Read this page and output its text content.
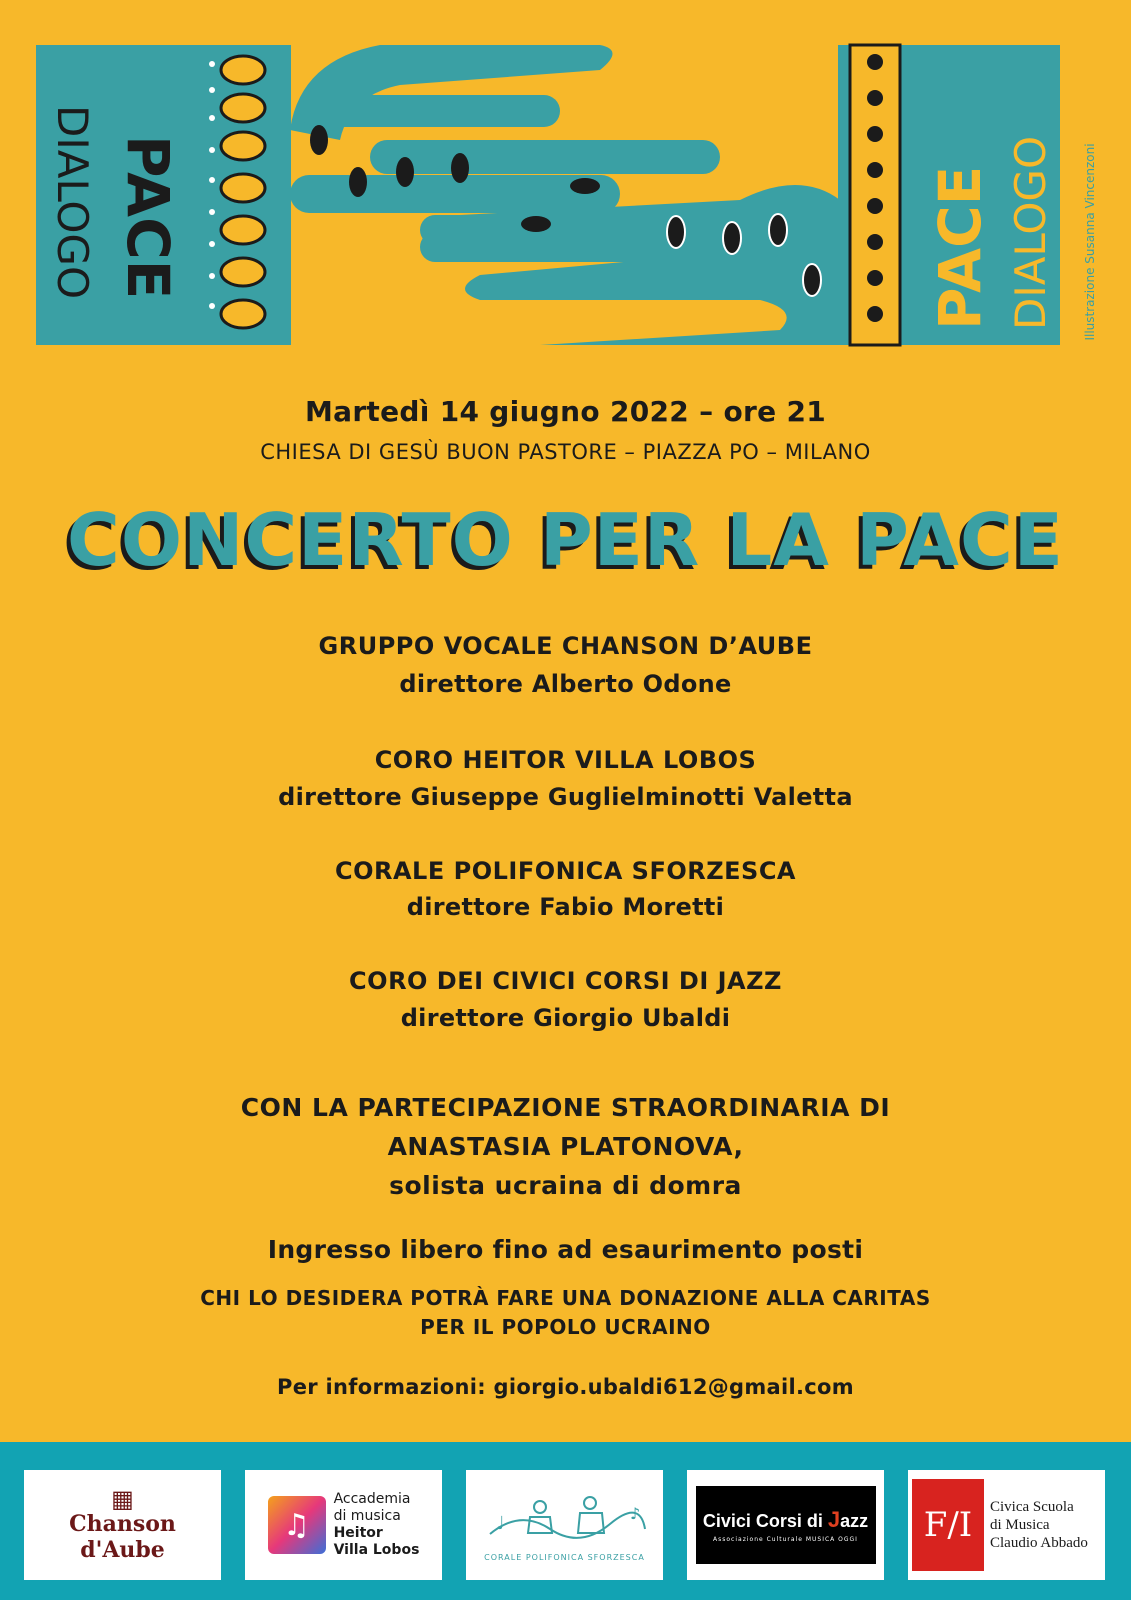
PACE
DIALOGO	PACE DIALOGO Illustrazione Susanna Vincenzoni
Martedì 14 giugno 2022 – ore 21
CHIESA DI GESÙ BUON PASTORE – PIAZZA PO – MILANO
CONCERTO PER LA PACE
GRUPPO VOCALE CHANSON D’AUBE
direttore Alberto Odone
CORO HEITOR VILLA LOBOS
direttore Giuseppe Guglielminotti Valetta
CORALE POLIFONICA SFORZESCA
direttore Fabio Moretti
CORO DEI CIVICI CORSI DI JAZZ
direttore Giorgio Ubaldi
CON LA PARTECIPAZIONE STRAORDINARIA DI
ANASTASIA PLATONOVA,
solista ucraina di domra
Ingresso libero fino ad esaurimento posti
CHI LO DESIDERA POTRÀ FARE UNA DONAZIONE ALLA CARITAS
PER IL POPOLO UCRAINO
Per informazioni: giorgio.ubaldi612@gmail.com
▦
Chanson
d'Aube
♫
Accademia
di musica
Heitor
Villa Lobos
♩	♪
CORALE POLIFONICA SFORZESCA
Civici Corsi di Jazz
Associazione Culturale MUSICA OGGI	F/I	Civica Scuola
di Musica
Claudio Abbado
